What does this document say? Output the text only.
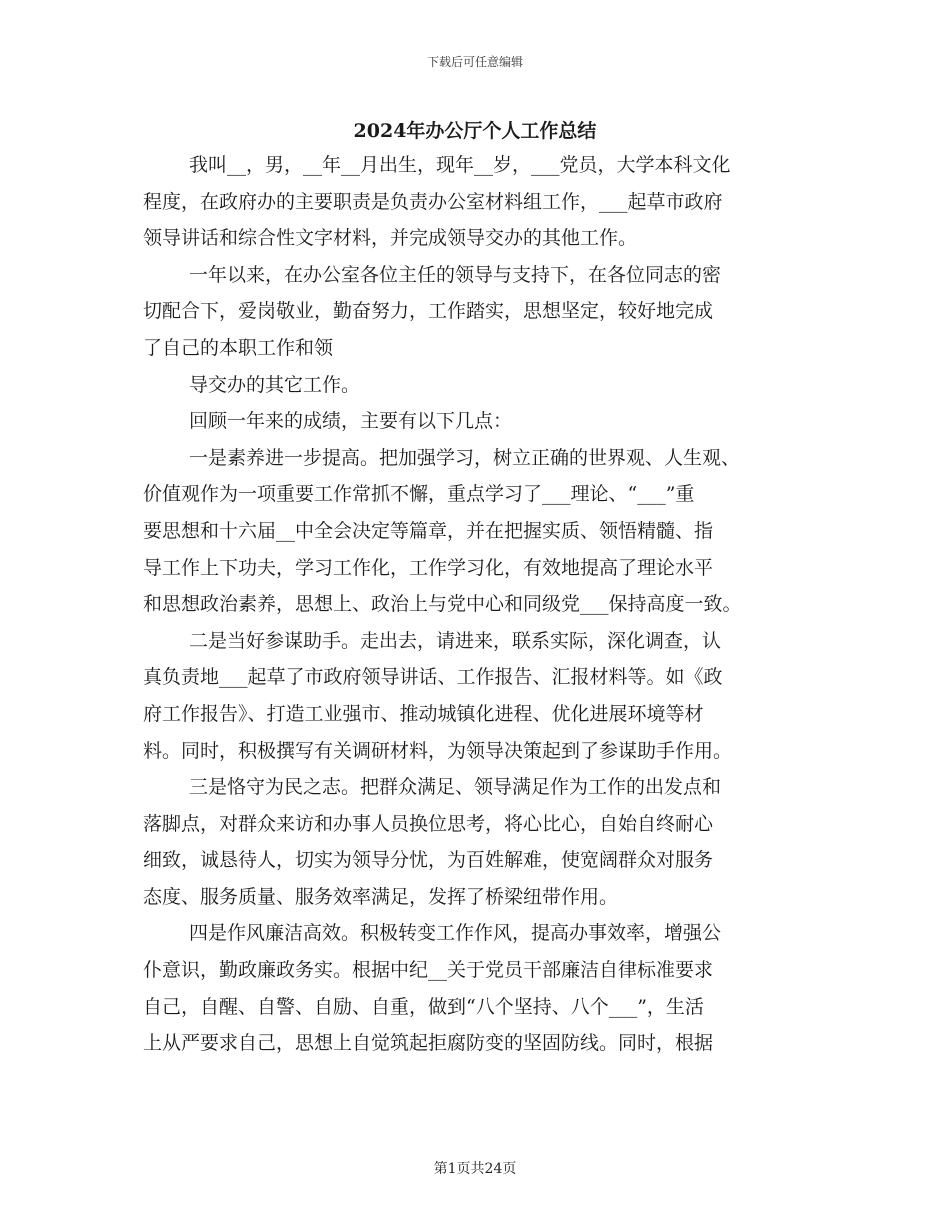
下载后可任意编辑
2024年办公厅个人工作总结
我叫__，男，__年__月出生，现年__岁，___党员，大学本科文化
程度，在政府办的主要职责是负责办公室材料组工作，___起草市政府
领导讲话和综合性文字材料，并完成领导交办的其他工作。
一年以来，在办公室各位主任的领导与支持下，在各位同志的密
切配合下，爱岗敬业，勤奋努力，工作踏实，思想坚定，较好地完成
了自己的本职工作和领
导交办的其它工作。
回顾一年来的成绩，主要有以下几点：
一是素养进一步提高。把加强学习，树立正确的世界观、人生观、
价值观作为一项重要工作常抓不懈，重点学习了___理论、“___”重
要思想和十六届__中全会决定等篇章，并在把握实质、领悟精髓、指
导工作上下功夫，学习工作化，工作学习化，有效地提高了理论水平
和思想政治素养，思想上、政治上与党中心和同级党___保持高度一致。
二是当好参谋助手。走出去，请进来，联系实际，深化调查，认
真负责地___起草了市政府领导讲话、工作报告、汇报材料等。如《政
府工作报告》、打造工业强市、推动城镇化进程、优化进展环境等材
料。同时，积极撰写有关调研材料，为领导决策起到了参谋助手作用。
三是恪守为民之志。把群众满足、领导满足作为工作的出发点和
落脚点，对群众来访和办事人员换位思考，将心比心，自始自终耐心
细致，诚恳待人，切实为领导分忧，为百姓解难，使宽阔群众对服务
态度、服务质量、服务效率满足，发挥了桥梁纽带作用。
四是作风廉洁高效。积极转变工作作风，提高办事效率，增强公
仆意识，勤政廉政务实。根据中纪__关于党员干部廉洁自律标准要求
自己，自醒、自警、自励、自重，做到“八个坚持、八个___”，生活
上从严要求自己，思想上自觉筑起拒腐防变的坚固防线。同时，根据
第1页共24页
